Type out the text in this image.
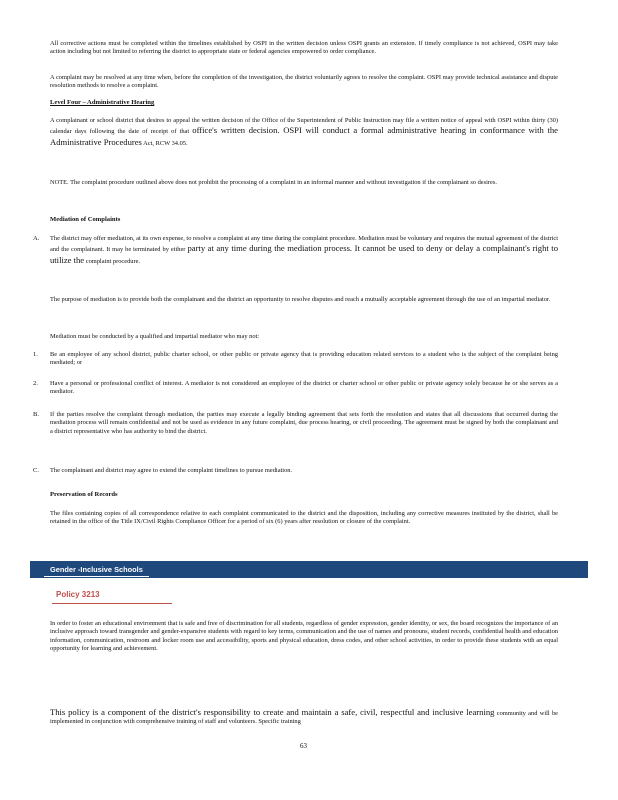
All corrective actions must be completed within the timelines established by OSPI in the written decision unless OSPI grants an extension. If timely compliance is not achieved, OSPI may take action including but not limited to referring the district to appropriate state or federal agencies empowered to order compliance.
A complaint may be resolved at any time when, before the completion of the investigation, the district voluntarily agrees to resolve the complaint. OSPI may provide technical assistance and dispute resolution methods to resolve a complaint.
Level Four – Administrative Hearing
A complainant or school district that desires to appeal the written decision of the Office of the Superintendent of Public Instruction may file a written notice of appeal with OSPI within thirty (30) calendar days following the date of receipt of that office's written decision. OSPI will conduct a formal administrative hearing in conformance with the Administrative Procedures Act, RCW 34.05.
NOTE. The complaint procedure outlined above does not prohibit the processing of a complaint in an informal manner and without investigation if the complainant so desires.
Mediation of Complaints
A. The district may offer mediation, at its own expense, to resolve a complaint at any time during the complaint procedure. Mediation must be voluntary and requires the mutual agreement of the district and the complainant. It may be terminated by either party at any time during the mediation process. It cannot be used to deny or delay a complainant's right to utilize the complaint procedure.
The purpose of mediation is to provide both the complainant and the district an opportunity to resolve disputes and reach a mutually acceptable agreement through the use of an impartial mediator.
Mediation must be conducted by a qualified and impartial mediator who may not:
1. Be an employee of any school district, public charter school, or other public or private agency that is providing education related services to a student who is the subject of the complaint being mediated; or
2. Have a personal or professional conflict of interest. A mediator is not considered an employee of the district or charter school or other public or private agency solely because he or she serves as a mediator.
B. If the parties resolve the complaint through mediation, the parties may execute a legally binding agreement that sets forth the resolution and states that all discussions that occurred during the mediation process will remain confidential and not be used as evidence in any future complaint, due process hearing, or civil proceeding. The agreement must be signed by both the complainant and a district representative who has authority to bind the district.
C. The complainant and district may agree to extend the complaint timelines to pursue mediation.
Preservation of Records
The files containing copies of all correspondence relative to each complaint communicated to the district and the disposition, including any corrective measures instituted by the district, shall be retained in the office of the Title IX/Civil Rights Compliance Officer for a period of six (6) years after resolution or closure of the complaint.
Gender -Inclusive Schools
Policy 3213
In order to foster an educational environment that is safe and free of discrimination for all students, regardless of gender expression, gender identity, or sex, the board recognizes the importance of an inclusive approach toward transgender and gender-expansive students with regard to key terms, communication and the use of names and pronouns, student records, confidential health and education information, communication, restroom and locker room use and accessibility, sports and physical education, dress codes, and other school activities, in order to provide these students with an equal opportunity for learning and achievement.
This policy is a component of the district's responsibility to create and maintain a safe, civil, respectful and inclusive learning community and will be implemented in conjunction with comprehensive training of staff and volunteers. Specific training
63
